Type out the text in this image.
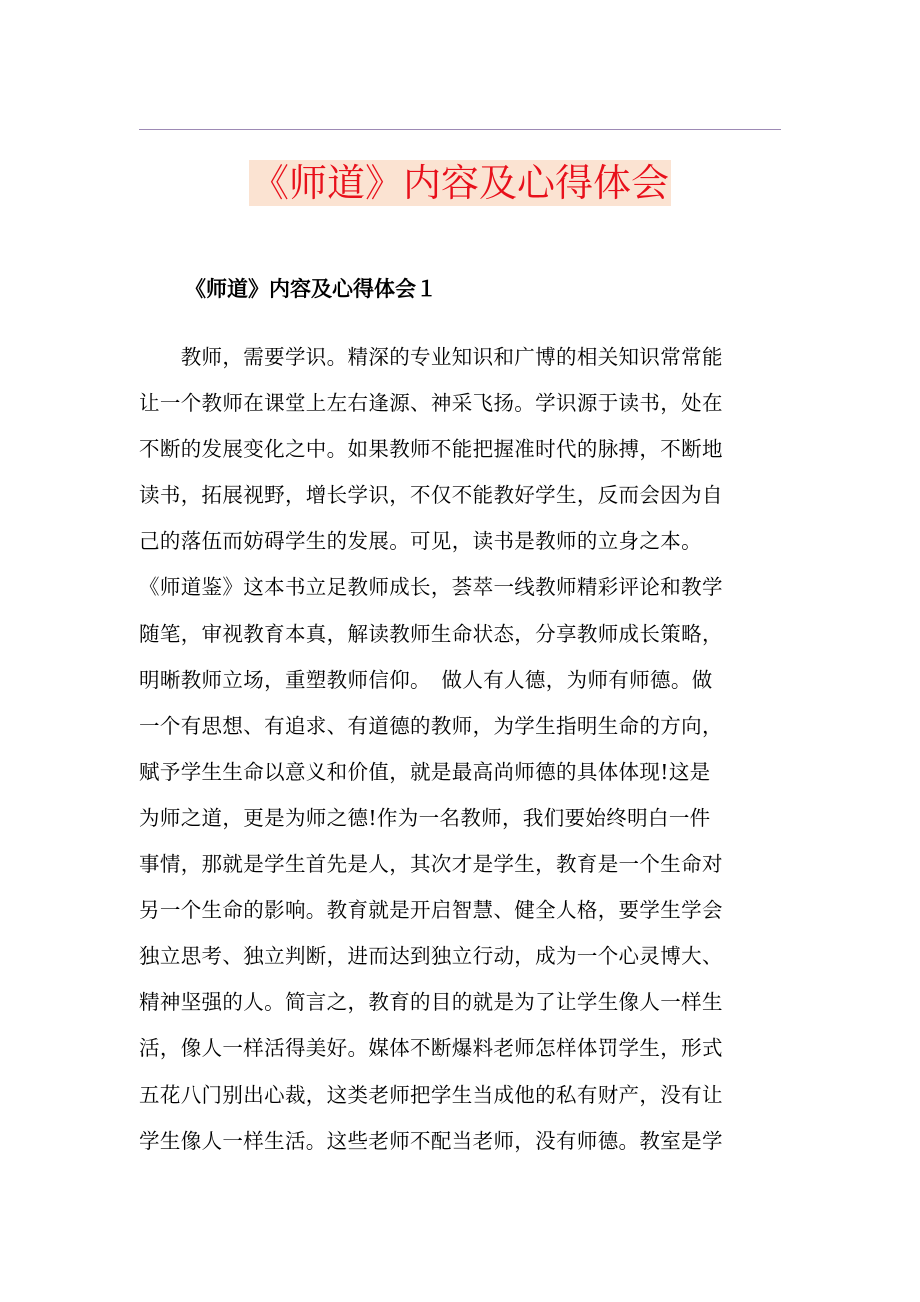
《师道》内容及心得体会
《师道》内容及心得体会１
　　教师，需要学识。精深的专业知识和广博的相关知识常常能
让一个教师在课堂上左右逢源、神采飞扬。学识源于读书，处在
不断的发展变化之中。如果教师不能把握准时代的脉搏，不断地
读书，拓展视野，增长学识，不仅不能教好学生，反而会因为自
己的落伍而妨碍学生的发展。可见，读书是教师的立身之本。
《师道鉴》这本书立足教师成长，荟萃一线教师精彩评论和教学
随笔，审视教育本真，解读教师生命状态，分享教师成长策略，
明晰教师立场，重塑教师信仰。　做人有人德，为师有师德。做
一个有思想、有追求、有道德的教师，为学生指明生命的方向，
赋予学生生命以意义和价值，就是最高尚师德的具体体现!这是
为师之道，更是为师之德!作为一名教师，我们要始终明白一件
事情，那就是学生首先是人，其次才是学生，教育是一个生命对
另一个生命的影响。教育就是开启智慧、健全人格，要学生学会
独立思考、独立判断，进而达到独立行动，成为一个心灵博大、
精神坚强的人。简言之，教育的目的就是为了让学生像人一样生
活，像人一样活得美好。媒体不断爆料老师怎样体罚学生，形式
五花八门别出心裁，这类老师把学生当成他的私有财产，没有让
学生像人一样生活。这些老师不配当老师，没有师德。教室是学
